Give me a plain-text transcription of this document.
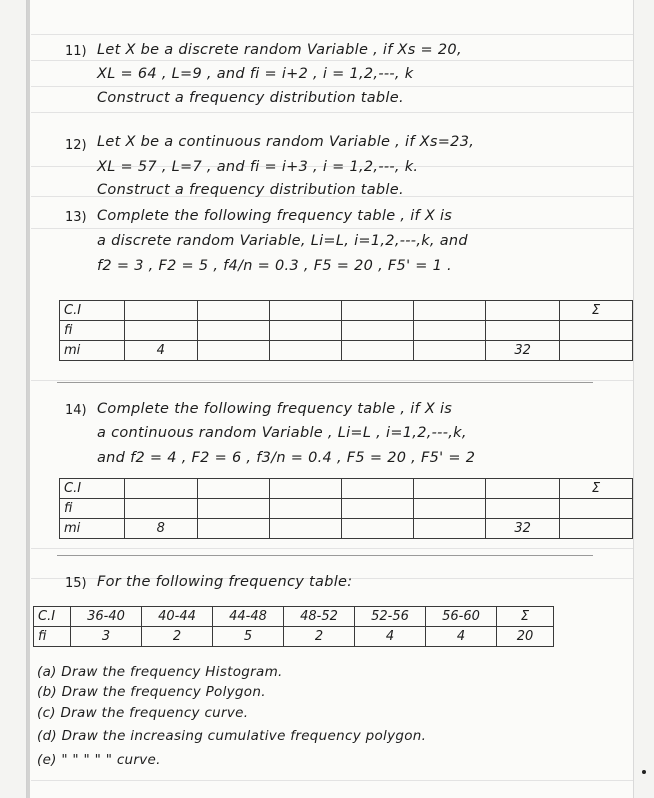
11) Let X be a discrete random Variable , if Xs = 20,
XL = 64 , L=9 , and fi = i+2 , i = 1,2,---, k
Construct a frequency distribution table.
12) Let X be a continuous random Variable , if Xs=23,
XL = 57 , L=7 , and fi = i+3 , i = 1,2,---, k.
Construct a frequency distribution table.
13) Complete the following frequency table , if X is
a discrete random Variable, Li=L, i=1,2,---,k, and
f2 = 3 , F2 = 5 , f4/n = 0.3 , F5 = 20 , F5' = 1 .
C.I							Σ
fi							
mi	4					32	
14) Complete the following frequency table , if X is
a continuous random Variable , Li=L , i=1,2,---,k,
and f2 = 4 , F2 = 6 , f3/n = 0.4 , F5 = 20 , F5' = 2
C.I							Σ
fi							
mi	8					32	
15) For the following frequency table:
C.I	36-40	40-44	44-48	48-52	52-56	56-60	Σ
fi	3	2	5	2	4	4	20
(a) Draw the frequency Histogram.
(b) Draw the frequency Polygon.
(c) Draw the frequency curve.
(d) Draw the increasing cumulative frequency polygon.
(e) " " " " " curve.
